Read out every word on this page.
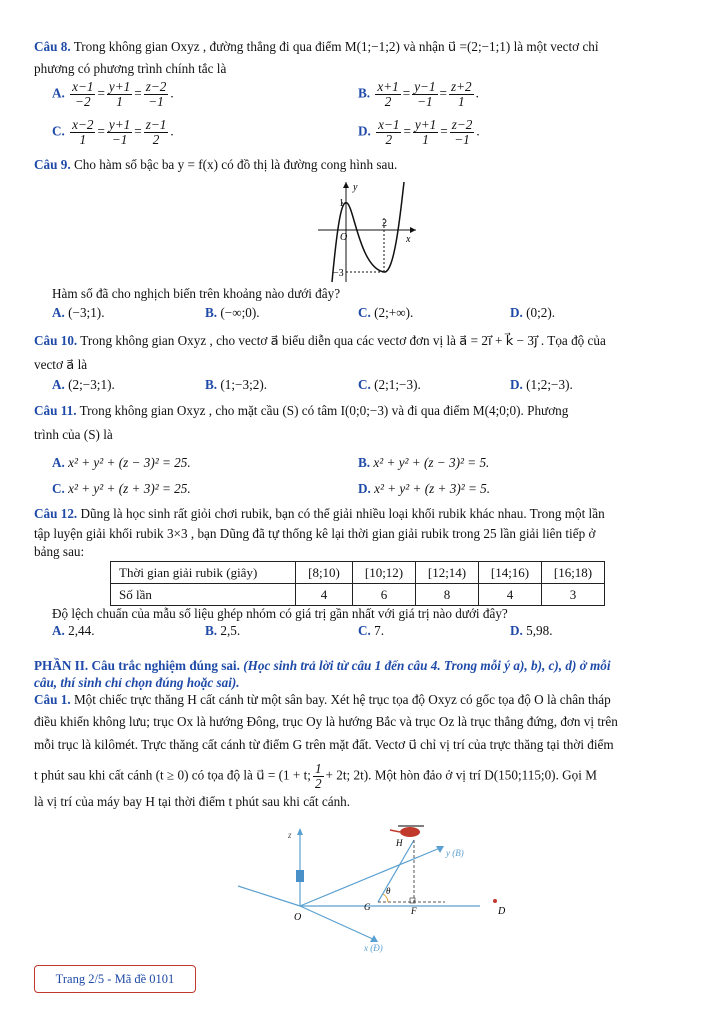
Câu 8. Trong không gian Oxyz , đường thẳng đi qua điểm M(1;−1;2) và nhận u⃗ =(2;−1;1) là một vectơ chỉ
phương có phương trình chính tắc là
A. $\frac{x-1}{-2} = \frac{y+1}{1} = \frac{z-2}{-1}$ .	B. $\frac{x+1}{2} = \frac{y-1}{-1} = \frac{z+2}{1}$ .
C. $\frac{x-2}{1} = \frac{y+1}{-1} = \frac{z-1}{2}$ .	D. $\frac{x-1}{2} = \frac{y+1}{1} = \frac{z-2}{-1}$ .
Câu 9. Cho hàm số bậc ba y = f(x) có đồ thị là đường cong hình sau.
y
x
O
1
2
−3
Hàm số đã cho nghịch biến trên khoảng nào dưới đây?
A. (−3;1).	B. (−∞;0).	C. (2;+∞).	D. (0;2).
Câu 10. Trong không gian Oxyz , cho vectơ a⃗ biểu diễn qua các vectơ đơn vị là a⃗ = 2i⃗ + k⃗ − 3j⃗ . Tọa độ của
vectơ a⃗ là
A. (2;−3;1).	B. (1;−3;2).	C. (2;1;−3).	D. (1;2;−3).
Câu 11. Trong không gian Oxyz , cho mặt cầu (S) có tâm I(0;0;−3) và đi qua điểm M(4;0;0). Phương
trình của (S) là
A. x² + y² + (z − 3)² = 25.	B. x² + y² + (z − 3)² = 5.
C. x² + y² + (z + 3)² = 25.	D. x² + y² + (z + 3)² = 5.
Câu 12. Dũng là học sinh rất giỏi chơi rubik, bạn có thể giải nhiều loại khối rubik khác nhau. Trong một lần
tập luyện giải khối rubik 3×3 , bạn Dũng đã tự thống kê lại thời gian giải rubik trong 25 lần giải liên tiếp ở
bảng sau:
Thời gian giải rubik (giây)	[8;10)	[10;12)	[12;14)	[14;16)	[16;18)
Số lần	4	6	8	4	3
Độ lệch chuẩn của mẫu số liệu ghép nhóm có giá trị gần nhất với giá trị nào dưới đây?
A. 2,44.	B. 2,5.	C. 7.	D. 5,98.
PHẦN II. Câu trắc nghiệm đúng sai. (Học sinh trả lời từ câu 1 đến câu 4. Trong mỗi ý a), b), c), d) ở mỗi
câu, thí sinh chỉ chọn đúng hoặc sai).
Câu 1. Một chiếc trực thăng H cất cánh từ một sân bay. Xét hệ trục tọa độ Oxyz có gốc tọa độ O là chân tháp
điều khiển không lưu; trục Ox là hướng Đông, trục Oy là hướng Bắc và trục Oz là trục thẳng đứng, đơn vị trên
mỗi trục là kilômét. Trực thăng cất cánh từ điểm G trên mặt đất. Vectơ u⃗ chỉ vị trí của trực thăng tại thời điểm
t phút sau khi cất cánh (t ≥ 0) có tọa độ là u⃗ = (1 + t; $\frac{1}{2} + 2t$; 2t). Một hòn đảo ở vị trí D(150;115;0). Gọi M
là vị trí của máy bay H tại thời điểm t phút sau khi cất cánh.
z
y (B)
x (Đ)
O
G	F
H
θ
D
Trang 2/5 - Mã đề 0101
